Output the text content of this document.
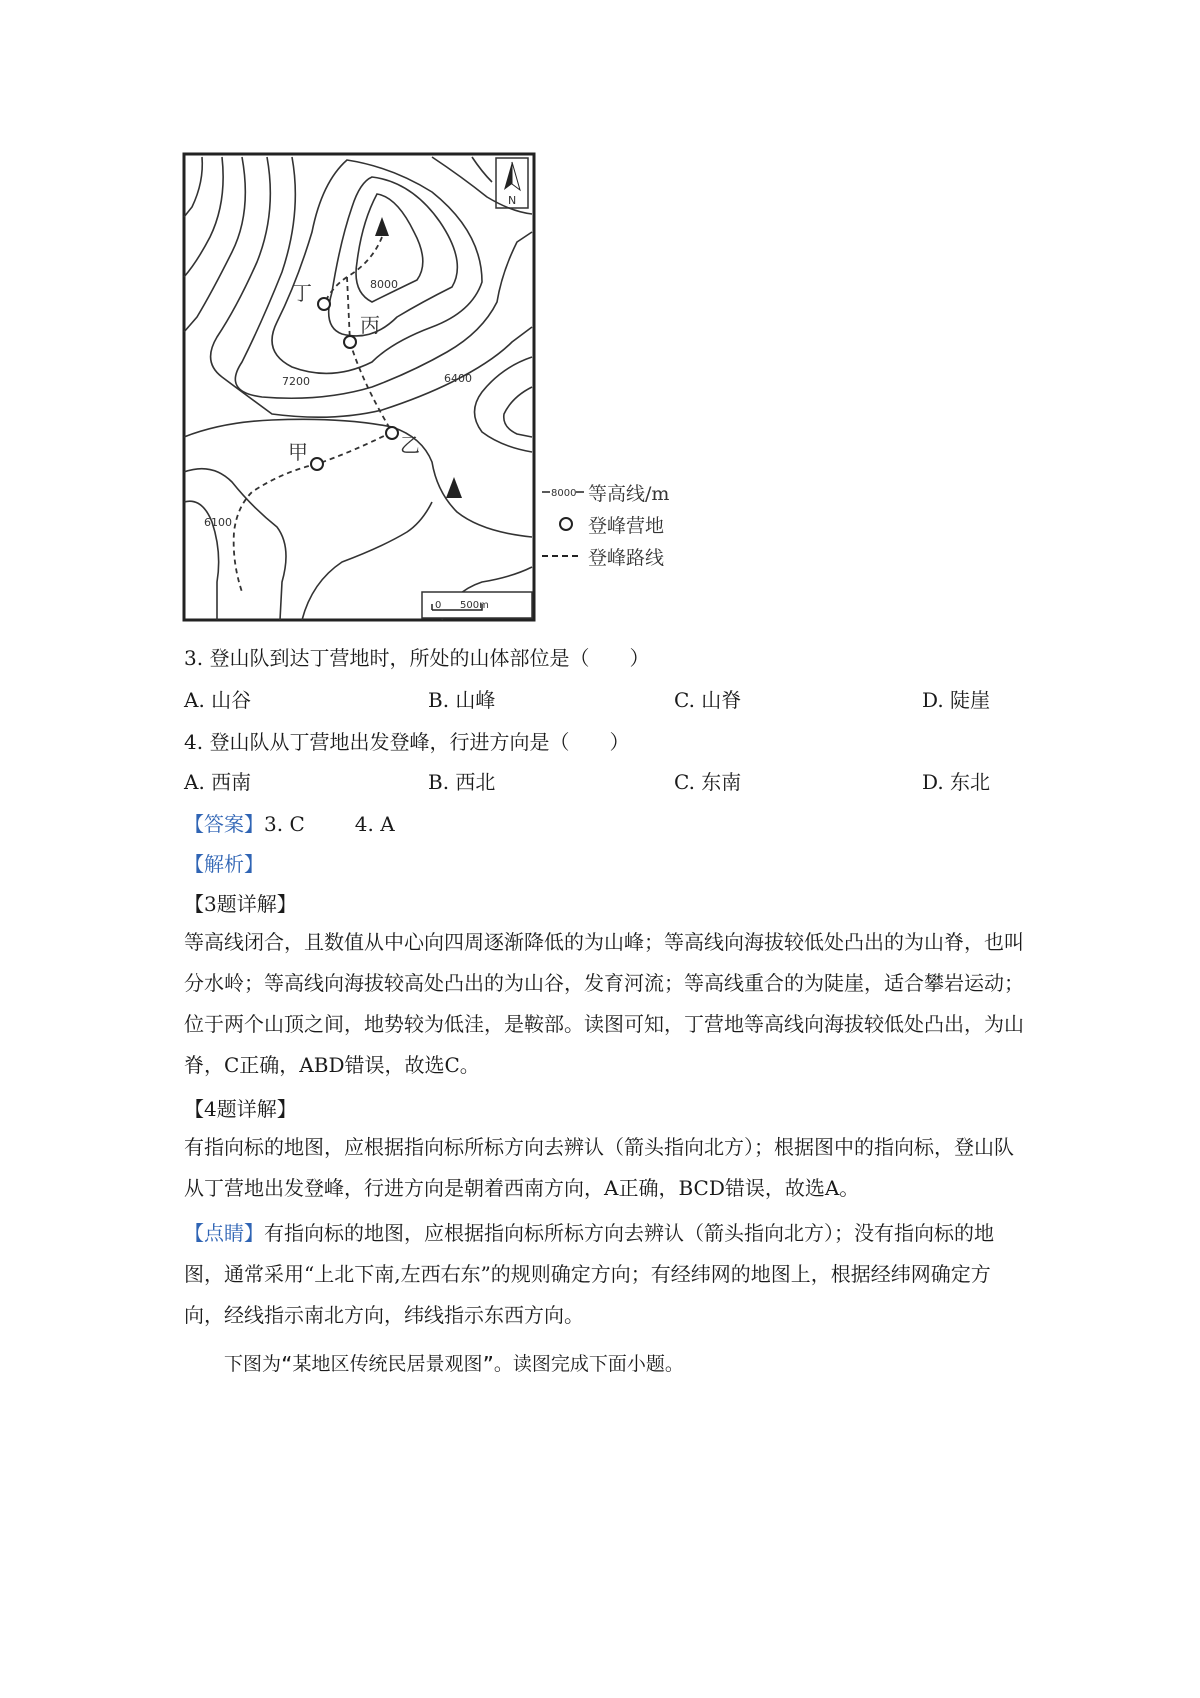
N
丁
丙
乙
甲
8000
7200	6400
6100
0 500m
8000 等高线/m
登峰营地
登峰路线
3. 登山队到达丁营地时，所处的山体部位是（　　）
A. 山谷	B. 山峰	C. 山脊	D. 陡崖
4. 登山队从丁营地出发登峰，行进方向是（　　）
A. 西南	B. 西北	C. 东南	D. 东北
【答案】3. C	4. A
【解析】
【3题详解】
等高线闭合，且数值从中心向四周逐渐降低的为山峰；等高线向海拔较低处凸出的为山脊，也叫分水岭；等高线向海拔较高处凸出的为山谷，发育河流；等高线重合的为陡崖，适合攀岩运动；位于两个山顶之间，地势较为低洼，是鞍部。读图可知，丁营地等高线向海拔较低处凸出，为山脊，C正确，ABD错误，故选C。
【4题详解】
有指向标的地图，应根据指向标所标方向去辨认（箭头指向北方）；根据图中的指向标，登山队从丁营地出发登峰，行进方向是朝着西南方向，A正确，BCD错误，故选A。
【点睛】有指向标的地图，应根据指向标所标方向去辨认（箭头指向北方）；没有指向标的地图，通常采用“上北下南,左西右东”的规则确定方向；有经纬网的地图上，根据经纬网确定方向，经线指示南北方向，纬线指示东西方向。
下图为“某地区传统民居景观图”。读图完成下面小题。
